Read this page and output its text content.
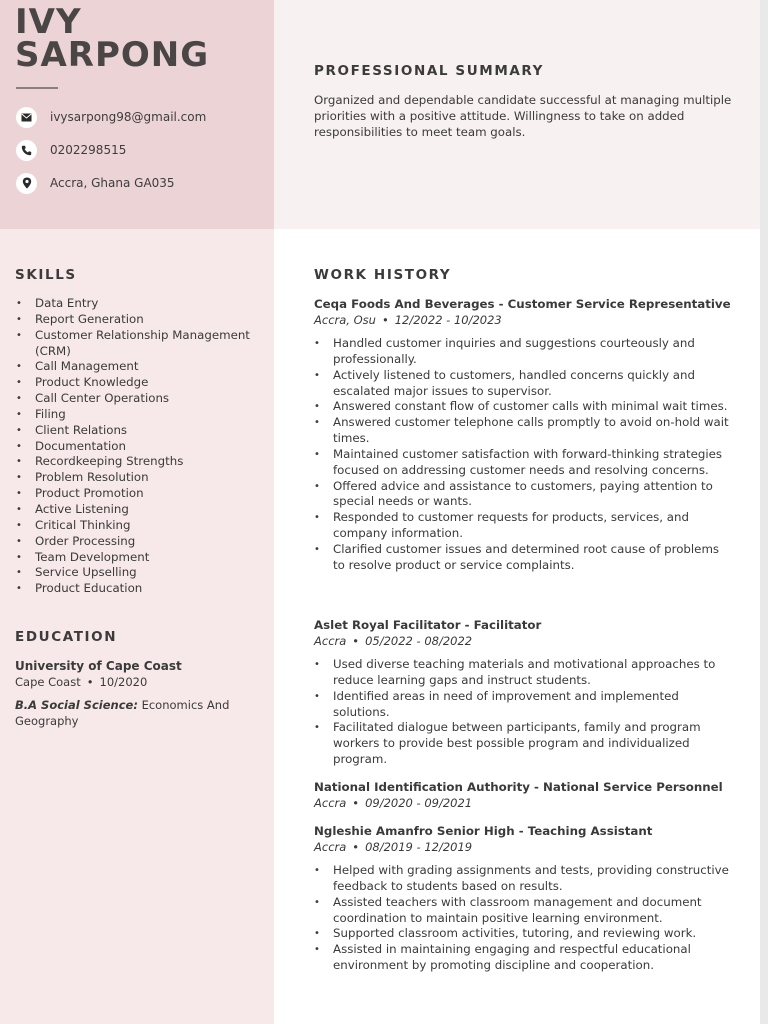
IVY
SARPONG
ivysarpong98@gmail.com
0202298515
Accra, Ghana GA035
PROFESSIONAL SUMMARY
Organized and dependable candidate successful at managing multiple priorities with a positive attitude. Willingness to take on added responsibilities to meet team goals.
SKILLS
• Data Entry
• Report Generation
• Customer Relationship Management (CRM)
• Call Management
• Product Knowledge
• Call Center Operations
• Filing
• Client Relations
• Documentation
• Recordkeeping Strengths
• Problem Resolution
• Product Promotion
• Active Listening
• Critical Thinking
• Order Processing
• Team Development
• Service Upselling
• Product Education
EDUCATION
University of Cape Coast
Cape Coast • 10/2020
B.A Social Science: Economics And Geography
WORK HISTORY
Ceqa Foods And Beverages - Customer Service Representative
Accra, Osu • 12/2022 - 10/2023
• Handled customer inquiries and suggestions courteously and professionally.
• Actively listened to customers, handled concerns quickly and escalated major issues to supervisor.
• Answered constant flow of customer calls with minimal wait times.
• Answered customer telephone calls promptly to avoid on-hold wait times.
• Maintained customer satisfaction with forward-thinking strategies focused on addressing customer needs and resolving concerns.
• Offered advice and assistance to customers, paying attention to special needs or wants.
• Responded to customer requests for products, services, and company information.
• Clarified customer issues and determined root cause of problems to resolve product or service complaints.
Aslet Royal Facilitator - Facilitator
Accra • 05/2022 - 08/2022
• Used diverse teaching materials and motivational approaches to reduce learning gaps and instruct students.
• Identified areas in need of improvement and implemented solutions.
• Facilitated dialogue between participants, family and program workers to provide best possible program and individualized program.
National Identification Authority - National Service Personnel
Accra • 09/2020 - 09/2021
Ngleshie Amanfro Senior High - Teaching Assistant
Accra • 08/2019 - 12/2019
• Helped with grading assignments and tests, providing constructive feedback to students based on results.
• Assisted teachers with classroom management and document coordination to maintain positive learning environment.
• Supported classroom activities, tutoring, and reviewing work.
• Assisted in maintaining engaging and respectful educational environment by promoting discipline and cooperation.
